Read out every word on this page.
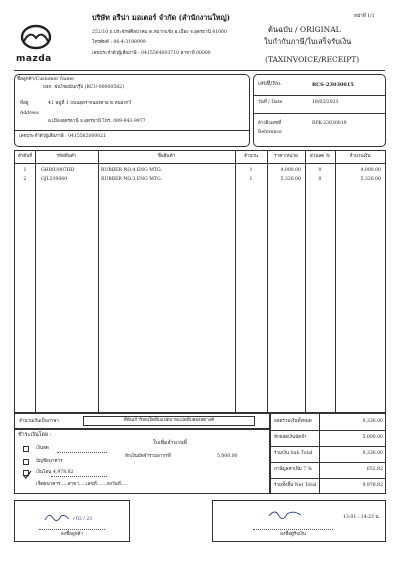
mazda
บริษัท อรีน่า มอเตอร์ จำกัด (สำนักงานใหญ่)
252/10 ถ.ประจักษ์ศิลปาคม ต.หมากแข้ง อ.เมือง จ.อุดรธานี 41000
โทรศัพท์ : 06-4-3198999
เลขประจำตัวผู้เสียภาษี : 0415564003710 สาขาที่ 00000
หน้าที่ 1/1
ต้นฉบับ / ORIGINAL
ใบกำกับภาษี/ใบเสร็จรับเงิน
(TAXINVOICE/RECEIPT)
ชื่อลูกค้า/Customer Name
บจก. ชนไชยนันกรุ๊ป (RCU-00000582)
ที่อยู่	41 หมู่ที่ 1 ถนนอุดร-หนองคาย ต.หนองกวี
Address
อ.เมืองอุดรธานี จ.อุดรธานี โทร. 089-943-9977
เลขประจำตัวผู้เสียภาษี : 0415562000021
เลขที่/No.	RCS-23030015
วันที่ / Date	18/03/2023
อ้างอิงเลขที่	RPK-23030019
Reference
ลำดับที่	รหัสสินค้า	ชื่อสินค้า	จำนวน	ราคา/หน่วย	ส่วนลด %	จำนวนเงิน
1	GHR93907HD	RUBBER NO.4,ENG MTG.	1	4,000.00	0	4,000.00
2	GJL339060	RUBBER NO.3,ENG MTG.	1	5,326.00	0	5,326.00
จำนวนเงินเป็นภาษา	สี่พันเก้าร้อยเจ็ดสิบแปดบาทแปดสิบสองสตางค์
ชำระเงินโดย :
เงินสด
บัญชีธนาคาร
เงินโอน 4,978.82
เช็คธนาคาร.....สาขา.....เลขที่.......ลงวันที่.....
ใบเพิ่มจำนวนที่
หักเงินมัดจำรวมอากรที่	5,000.00
ยอดรวมเงินทั้งหมด	9,326.00
หักยอดเงินมัดจำ	5,000.00
รวมเงิน Sub Total	9,326.00
ภาษีมูลค่าเพิ่ม 7 %	652.82
รวมทั้งสิ้น Net Total	9,978.82
/ 03 / 23
ลงชื่อลูกค้า
13:01 : 14:23 น.
ลงชื่อผู้รับเงิน
